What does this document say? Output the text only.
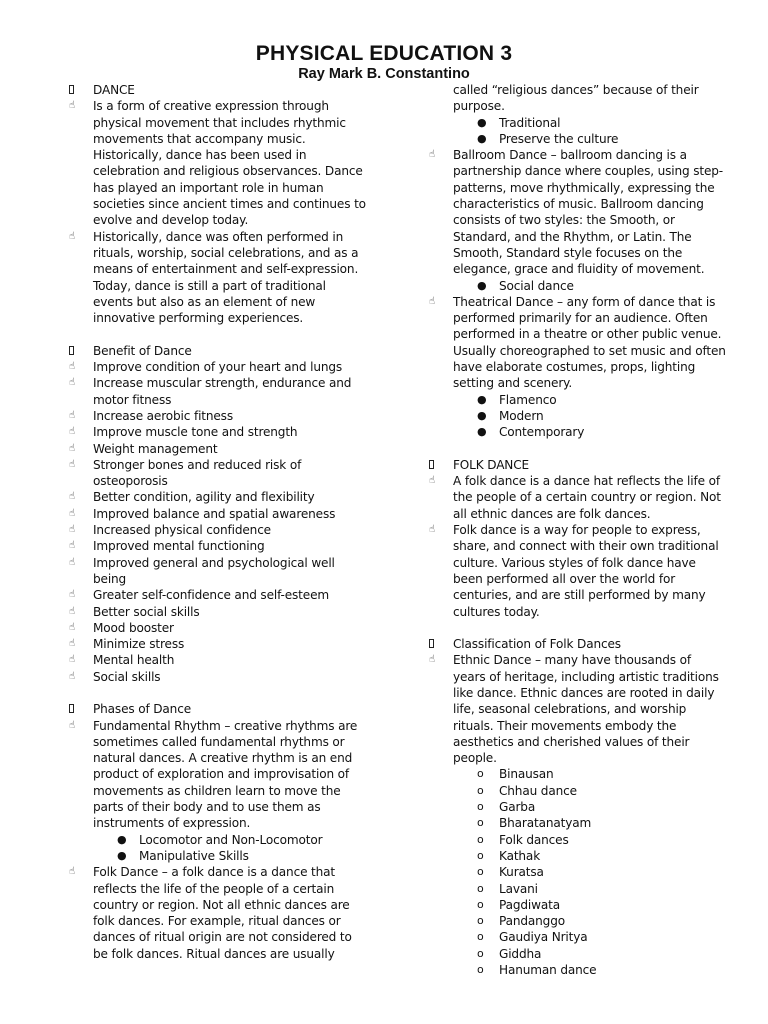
PHYSICAL EDUCATION 3
Ray Mark B. Constantino
DANCE
☝	Is a form of creative expression through physical movement that includes rhythmic movements that accompany music. Historically, dance has been used in celebration and religious observances. Dance has played an important role in human societies since ancient times and continues to evolve and develop today.
☝	Historically, dance was often performed in rituals, worship, social celebrations, and as a means of entertainment and self-expression. Today, dance is still a part of traditional events but also as an element of new innovative performing experiences.
Benefit of Dance
☝	Improve condition of your heart and lungs
☝	Increase muscular strength, endurance and motor fitness
☝	Increase aerobic fitness
☝	Improve muscle tone and strength
☝	Weight management
☝	Stronger bones and reduced risk of osteoporosis
☝	Better condition, agility and flexibility
☝	Improved balance and spatial awareness
☝	Increased physical confidence
☝	Improved mental functioning
☝	Improved general and psychological well being
☝	Greater self-confidence and self-esteem
☝	Better social skills
☝	Mood booster
☝	Minimize stress
☝	Mental health
☝	Social skills
Phases of Dance
☝	Fundamental Rhythm – creative rhythms are sometimes called fundamental rhythms or natural dances. A creative rhythm is an end product of exploration and improvisation of movements as children learn to move the parts of their body and to use them as instruments of expression.
● Locomotor and Non-Locomotor
● Manipulative Skills
☝	Folk Dance – a folk dance is a dance that reflects the life of the people of a certain country or region. Not all ethnic dances are folk dances. For example, ritual dances or dances of ritual origin are not considered to be folk dances. Ritual dances are usually
called “religious dances” because of their purpose.
● Traditional
● Preserve the culture
☝	Ballroom Dance – ballroom dancing is a partnership dance where couples, using step-patterns, move rhythmically, expressing the characteristics of music. Ballroom dancing consists of two styles: the Smooth, or Standard, and the Rhythm, or Latin. The Smooth, Standard style focuses on the elegance, grace and fluidity of movement.
● Social dance
☝	Theatrical Dance – any form of dance that is performed primarily for an audience. Often performed in a theatre or other public venue. Usually choreographed to set music and often have elaborate costumes, props, lighting setting and scenery.
● Flamenco
● Modern
● Contemporary
FOLK DANCE
☝	A folk dance is a dance hat reflects the life of the people of a certain country or region. Not all ethnic dances are folk dances.
☝	Folk dance is a way for people to express, share, and connect with their own traditional culture. Various styles of folk dance have been performed all over the world for centuries, and are still performed by many cultures today.
Classification of Folk Dances
☝	Ethnic Dance – many have thousands of years of heritage, including artistic traditions like dance. Ethnic dances are rooted in daily life, seasonal celebrations, and worship rituals. Their movements embody the aesthetics and cherished values of their people.
o Binausan
o Chhau dance
o Garba
o Bharatanatyam
o Folk dances
o Kathak
o Kuratsa
o Lavani
o Pagdiwata
o Pandanggo
o Gaudiya Nritya
o Giddha
o Hanuman dance
